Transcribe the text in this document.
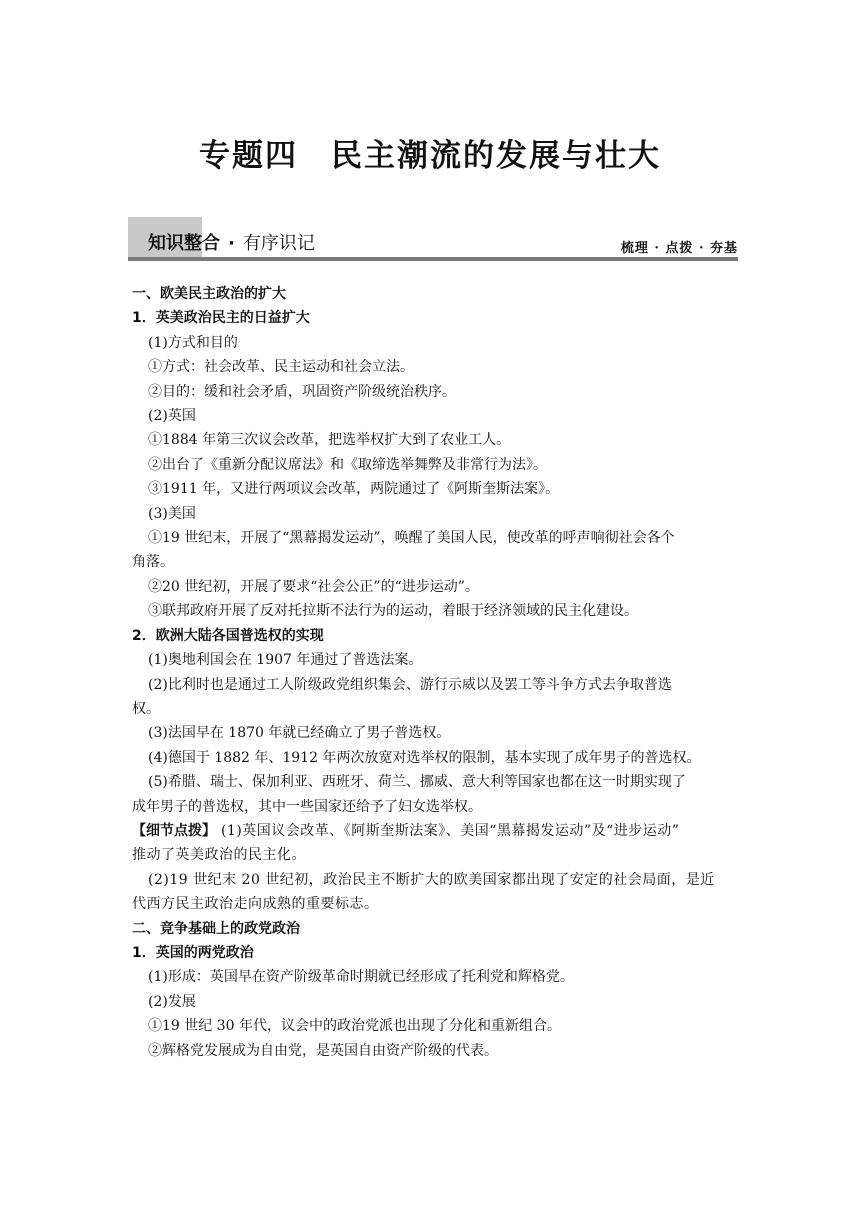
专题四　民主潮流的发展与壮大
知识整合 · 有序识记	梳理 · 点拨 · 夯基
一、欧美民主政治的扩大
1．英美政治民主的日益扩大
(1)方式和目的
①方式：社会改革、民主运动和社会立法。
②目的：缓和社会矛盾，巩固资产阶级统治秩序。
(2)英国
①1884 年第三次议会改革，把选举权扩大到了农业工人。
②出台了《重新分配议席法》和《取缔选举舞弊及非常行为法》。
③1911 年，又进行两项议会改革，两院通过了《阿斯奎斯法案》。
(3)美国
①19 世纪末，开展了“黑幕揭发运动”，唤醒了美国人民，使改革的呼声响彻社会各个
角落。
②20 世纪初，开展了要求“社会公正”的“进步运动”。
③联邦政府开展了反对托拉斯不法行为的运动，着眼于经济领域的民主化建设。
2．欧洲大陆各国普选权的实现
(1)奥地利国会在 1907 年通过了普选法案。
(2)比利时也是通过工人阶级政党组织集会、游行示威以及罢工等斗争方式去争取普选
权。
(3)法国早在 1870 年就已经确立了男子普选权。
(4)德国于 1882 年、1912 年两次放宽对选举权的限制，基本实现了成年男子的普选权。
(5)希腊、瑞士、保加利亚、西班牙、荷兰、挪威、意大利等国家也都在这一时期实现了
成年男子的普选权，其中一些国家还给予了妇女选举权。
【细节点拨】 (1)英国议会改革、《阿斯奎斯法案》、美国“黑幕揭发运动”及“进步运动”
推动了英美政治的民主化。
(2)19 世纪末 20 世纪初，政治民主不断扩大的欧美国家都出现了安定的社会局面，是近
代西方民主政治走向成熟的重要标志。
二、竞争基础上的政党政治
1．英国的两党政治
(1)形成：英国早在资产阶级革命时期就已经形成了托利党和辉格党。
(2)发展
①19 世纪 30 年代，议会中的政治党派也出现了分化和重新组合。
②辉格党发展成为自由党，是英国自由资产阶级的代表。
